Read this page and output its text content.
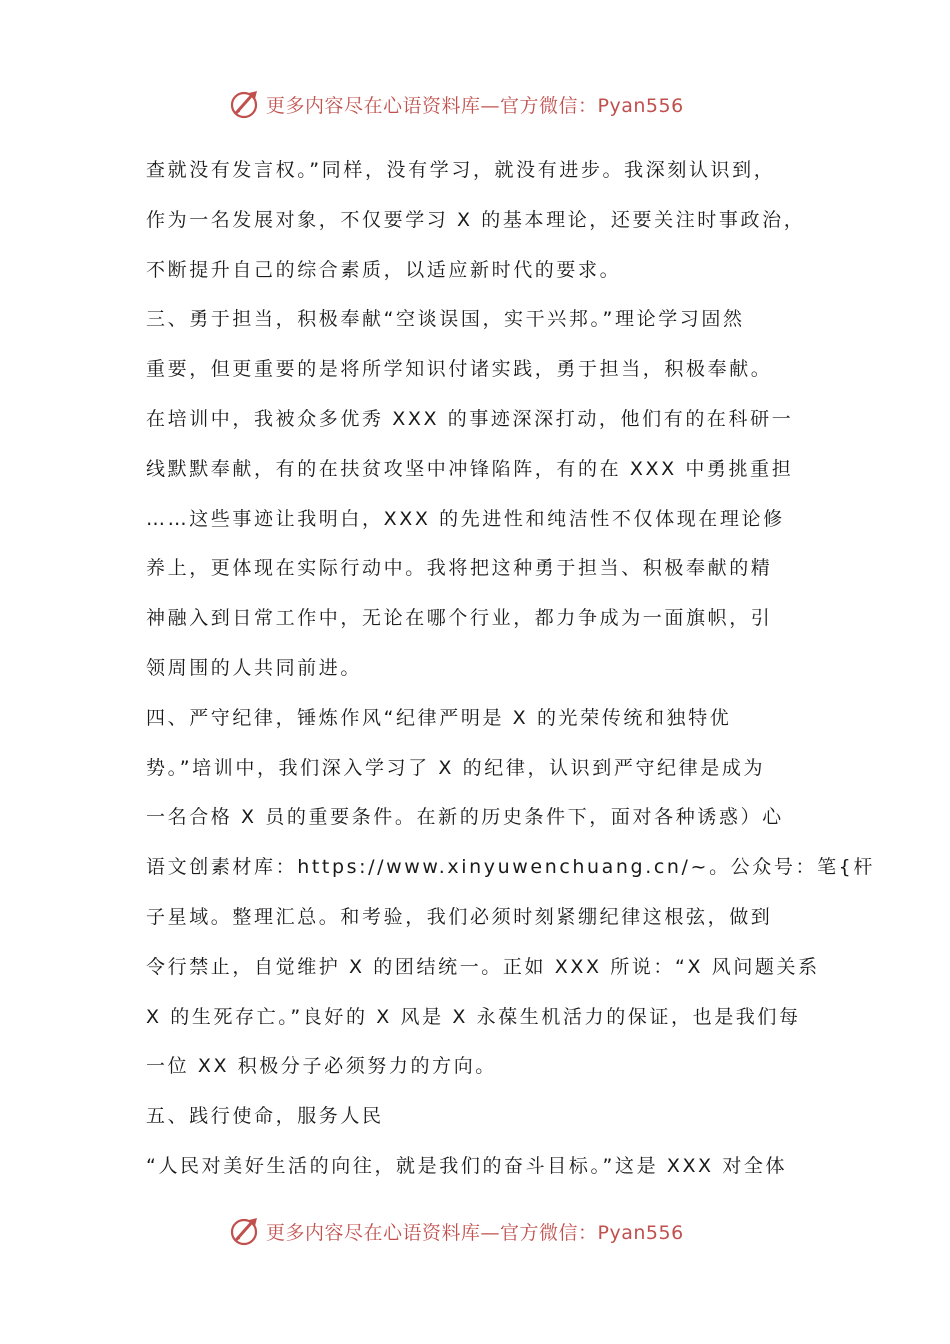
更多内容尽在心语资料库—官方微信：Pyan556
查就没有发言权。”同样，没有学习，就没有进步。我深刻认识到，
作为一名发展对象，不仅要学习 X 的基本理论，还要关注时事政治，
不断提升自己的综合素质，以适应新时代的要求。
三、勇于担当，积极奉献“空谈误国，实干兴邦。”理论学习固然
重要，但更重要的是将所学知识付诸实践，勇于担当，积极奉献。
在培训中，我被众多优秀 XXX 的事迹深深打动，他们有的在科研一
线默默奉献，有的在扶贫攻坚中冲锋陷阵，有的在 XXX 中勇挑重担
……这些事迹让我明白，XXX 的先进性和纯洁性不仅体现在理论修
养上，更体现在实际行动中。我将把这种勇于担当、积极奉献的精
神融入到日常工作中，无论在哪个行业，都力争成为一面旗帜，引
领周围的人共同前进。
四、严守纪律，锤炼作风“纪律严明是 X 的光荣传统和独特优
势。”培训中，我们深入学习了 X 的纪律，认识到严守纪律是成为
一名合格 X 员的重要条件。在新的历史条件下，面对各种诱惑）心
语文创素材库：https://www.xinyuwenchuang.cn/~。公众号：笔{杆
子星域。整理汇总。和考验，我们必须时刻紧绷纪律这根弦，做到
令行禁止，自觉维护 X 的团结统一。正如 XXX 所说：“X 风问题关系
X 的生死存亡。”良好的 X 风是 X 永葆生机活力的保证，也是我们每
一位 XX 积极分子必须努力的方向。
五、践行使命，服务人民
“人民对美好生活的向往，就是我们的奋斗目标。”这是 XXX 对全体
更多内容尽在心语资料库—官方微信：Pyan556
